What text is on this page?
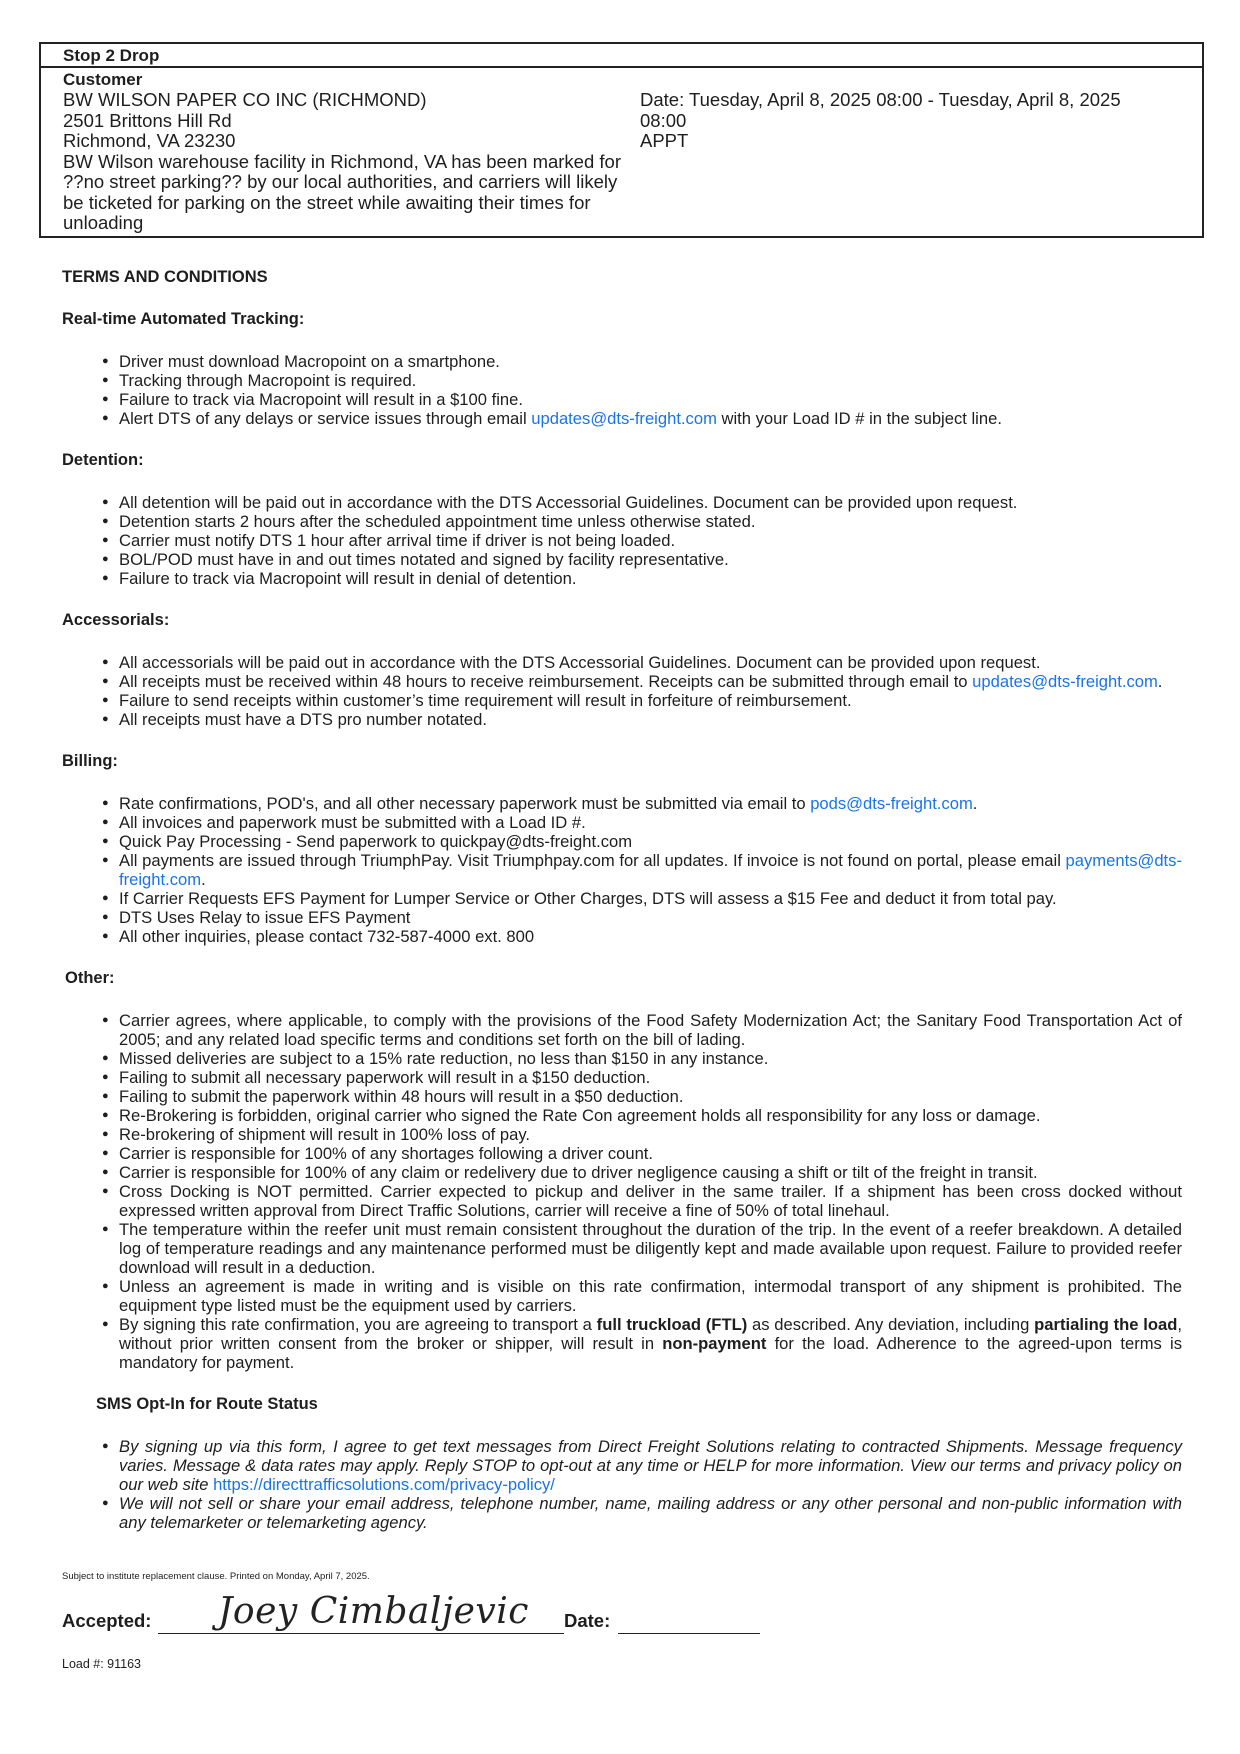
Stop 2 Drop
Customer
BW WILSON PAPER CO INC (RICHMOND)
2501 Brittons Hill Rd
Richmond, VA 23230
BW Wilson warehouse facility in Richmond, VA has been marked for ??no street parking?? by our local authorities, and carriers will likely be ticketed for parking on the street while awaiting their times for unloading
Date: Tuesday, April 8, 2025 08:00 - Tuesday, April 8, 2025
08:00
APPT

TERMS AND CONDITIONS

Real-time Automated Tracking:

● Driver must download Macropoint on a smartphone.
● Tracking through Macropoint is required.
● Failure to track via Macropoint will result in a $100 fine.
● Alert DTS of any delays or service issues through email updates@dts-freight.com with your Load ID # in the subject line.

Detention:

● All detention will be paid out in accordance with the DTS Accessorial Guidelines. Document can be provided upon request.
● Detention starts 2 hours after the scheduled appointment time unless otherwise stated.
● Carrier must notify DTS 1 hour after arrival time if driver is not being loaded.
● BOL/POD must have in and out times notated and signed by facility representative.
● Failure to track via Macropoint will result in denial of detention.

Accessorials:

● All accessorials will be paid out in accordance with the DTS Accessorial Guidelines. Document can be provided upon request.
● All receipts must be received within 48 hours to receive reimbursement. Receipts can be submitted through email to updates@dts-freight.com.
● Failure to send receipts within customer’s time requirement will result in forfeiture of reimbursement.
● All receipts must have a DTS pro number notated.

Billing:

● Rate confirmations, POD's, and all other necessary paperwork must be submitted via email to pods@dts-freight.com.
● All invoices and paperwork must be submitted with a Load ID #.
● Quick Pay Processing - Send paperwork to quickpay@dts-freight.com
● All payments are issued through TriumphPay. Visit Triumphpay.com for all updates. If invoice is not found on portal, please email payments@dts-freight.com.
● If Carrier Requests EFS Payment for Lumper Service or Other Charges, DTS will assess a $15 Fee and deduct it from total pay.
● DTS Uses Relay to issue EFS Payment
● All other inquiries, please contact 732-587-4000 ext. 800

Other:

● Carrier agrees, where applicable, to comply with the provisions of the Food Safety Modernization Act; the Sanitary Food Transportation Act of 2005; and any related load specific terms and conditions set forth on the bill of lading.
● Missed deliveries are subject to a 15% rate reduction, no less than $150 in any instance.
● Failing to submit all necessary paperwork will result in a $150 deduction.
● Failing to submit the paperwork within 48 hours will result in a $50 deduction.
● Re-Brokering is forbidden, original carrier who signed the Rate Con agreement holds all responsibility for any loss or damage.
● Re-brokering of shipment will result in 100% loss of pay.
● Carrier is responsible for 100% of any shortages following a driver count.
● Carrier is responsible for 100% of any claim or redelivery due to driver negligence causing a shift or tilt of the freight in transit.
● Cross Docking is NOT permitted. Carrier expected to pickup and deliver in the same trailer. If a shipment has been cross docked without expressed written approval from Direct Traffic Solutions, carrier will receive a fine of 50% of total linehaul.
● The temperature within the reefer unit must remain consistent throughout the duration of the trip. In the event of a reefer breakdown. A detailed log of temperature readings and any maintenance performed must be diligently kept and made available upon request. Failure to provided reefer download will result in a deduction.
● Unless an agreement is made in writing and is visible on this rate confirmation, intermodal transport of any shipment is prohibited. The equipment type listed must be the equipment used by carriers.
● By signing this rate confirmation, you are agreeing to transport a full truckload (FTL) as described. Any deviation, including partialing the load, without prior written consent from the broker or shipper, will result in non-payment for the load. Adherence to the agreed-upon terms is mandatory for payment.

SMS Opt-In for Route Status

● By signing up via this form, I agree to get text messages from Direct Freight Solutions relating to contracted Shipments. Message frequency varies. Message & data rates may apply. Reply STOP to opt-out at any time or HELP for more information. View our terms and privacy policy on our web site https://directtrafficsolutions.com/privacy-policy/
● We will not sell or share your email address, telephone number, name, mailing address or any other personal and non-public information with any telemarketer or telemarketing agency.
Subject to institute replacement clause. Printed on Monday, April 7, 2025.
Accepted: Joey Cimbaljevic Date:
Load #: 91163
